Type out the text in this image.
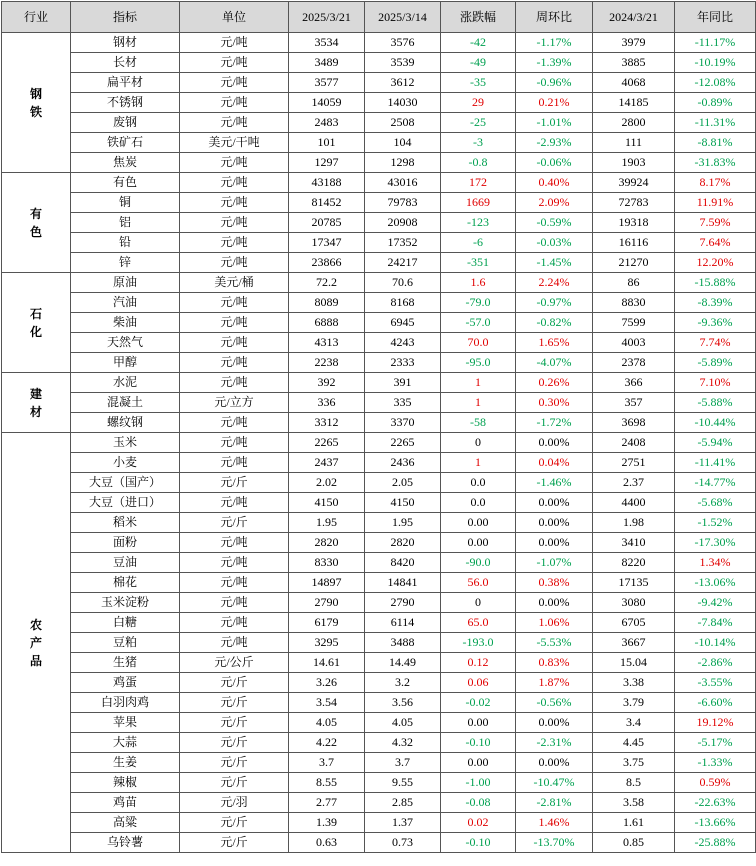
行业	指标	单位	2025/3/21	2025/3/14	涨跌幅	周环比	2024/3/21	年同比

钢
铁	钢材	元/吨	3534	3576	-42	-1.17%	3979	-11.17%
	长材	元/吨	3489	3539	-49	-1.39%	3885	-10.19%
	扁平材	元/吨	3577	3612	-35	-0.96%	4068	-12.08%
	不锈钢	元/吨	14059	14030	29	0.21%	14185	-0.89%
	废钢	元/吨	2483	2508	-25	-1.01%	2800	-11.31%
	铁矿石	美元/干吨	101	104	-3	-2.93%	111	-8.81%
	焦炭	元/吨	1297	1298	-0.8	-0.06%	1903	-31.83%

有
色	有色	元/吨	43188	43016	172	0.40%	39924	8.17%
	铜	元/吨	81452	79783	1669	2.09%	72783	11.91%
	铝	元/吨	20785	20908	-123	-0.59%	19318	7.59%
	铅	元/吨	17347	17352	-6	-0.03%	16116	7.64%
	锌	元/吨	23866	24217	-351	-1.45%	21270	12.20%

石
化	原油	美元/桶	72.2	70.6	1.6	2.24%	86	-15.88%
	汽油	元/吨	8089	8168	-79.0	-0.97%	8830	-8.39%
	柴油	元/吨	6888	6945	-57.0	-0.82%	7599	-9.36%
	天然气	元/吨	4313	4243	70.0	1.65%	4003	7.74%
	甲醇	元/吨	2238	2333	-95.0	-4.07%	2378	-5.89%

建
材	水泥	元/吨	392	391	1	0.26%	366	7.10%
	混凝土	元/立方	336	335	1	0.30%	357	-5.88%
	螺纹钢	元/吨	3312	3370	-58	-1.72%	3698	-10.44%

农
产
品	玉米	元/吨	2265	2265	0	0.00%	2408	-5.94%
	小麦	元/吨	2437	2436	1	0.04%	2751	-11.41%
	大豆（国产）	元/斤	2.02	2.05	0.0	-1.46%	2.37	-14.77%
	大豆（进口）	元/吨	4150	4150	0.0	0.00%	4400	-5.68%
	稻米	元/斤	1.95	1.95	0.00	0.00%	1.98	-1.52%
	面粉	元/吨	2820	2820	0.00	0.00%	3410	-17.30%
	豆油	元/吨	8330	8420	-90.0	-1.07%	8220	1.34%
	棉花	元/吨	14897	14841	56.0	0.38%	17135	-13.06%
	玉米淀粉	元/吨	2790	2790	0	0.00%	3080	-9.42%
	白糖	元/吨	6179	6114	65.0	1.06%	6705	-7.84%
	豆粕	元/吨	3295	3488	-193.0	-5.53%	3667	-10.14%
	生猪	元/公斤	14.61	14.49	0.12	0.83%	15.04	-2.86%
	鸡蛋	元/斤	3.26	3.2	0.06	1.87%	3.38	-3.55%
	白羽肉鸡	元/斤	3.54	3.56	-0.02	-0.56%	3.79	-6.60%
	苹果	元/斤	4.05	4.05	0.00	0.00%	3.4	19.12%
	大蒜	元/斤	4.22	4.32	-0.10	-2.31%	4.45	-5.17%
	生姜	元/斤	3.7	3.7	0.00	0.00%	3.75	-1.33%
	辣椒	元/斤	8.55	9.55	-1.00	-10.47%	8.5	0.59%
	鸡苗	元/羽	2.77	2.85	-0.08	-2.81%	3.58	-22.63%
	高粱	元/斤	1.39	1.37	0.02	1.46%	1.61	-13.66%
	乌铃薯	元/斤	0.63	0.73	-0.10	-13.70%	0.85	-25.88%
